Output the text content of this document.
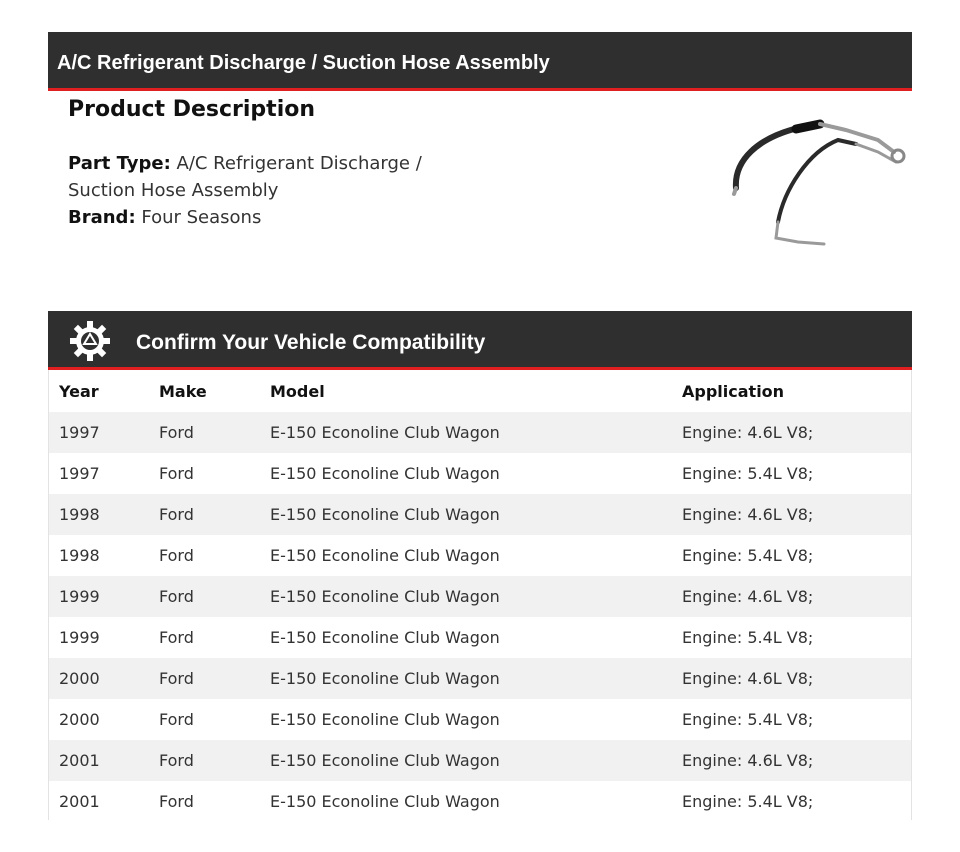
A/C Refrigerant Discharge / Suction Hose Assembly
Product Description
Part Type: A/C Refrigerant Discharge / Suction Hose Assembly
Brand: Four Seasons
Confirm Your Vehicle Compatibility
Year	Make	Model	Application
1997	Ford	E-150 Econoline Club Wagon	Engine: 4.6L V8;
1997	Ford	E-150 Econoline Club Wagon	Engine: 5.4L V8;
1998	Ford	E-150 Econoline Club Wagon	Engine: 4.6L V8;
1998	Ford	E-150 Econoline Club Wagon	Engine: 5.4L V8;
1999	Ford	E-150 Econoline Club Wagon	Engine: 4.6L V8;
1999	Ford	E-150 Econoline Club Wagon	Engine: 5.4L V8;
2000	Ford	E-150 Econoline Club Wagon	Engine: 4.6L V8;
2000	Ford	E-150 Econoline Club Wagon	Engine: 5.4L V8;
2001	Ford	E-150 Econoline Club Wagon	Engine: 4.6L V8;
2001	Ford	E-150 Econoline Club Wagon	Engine: 5.4L V8;
